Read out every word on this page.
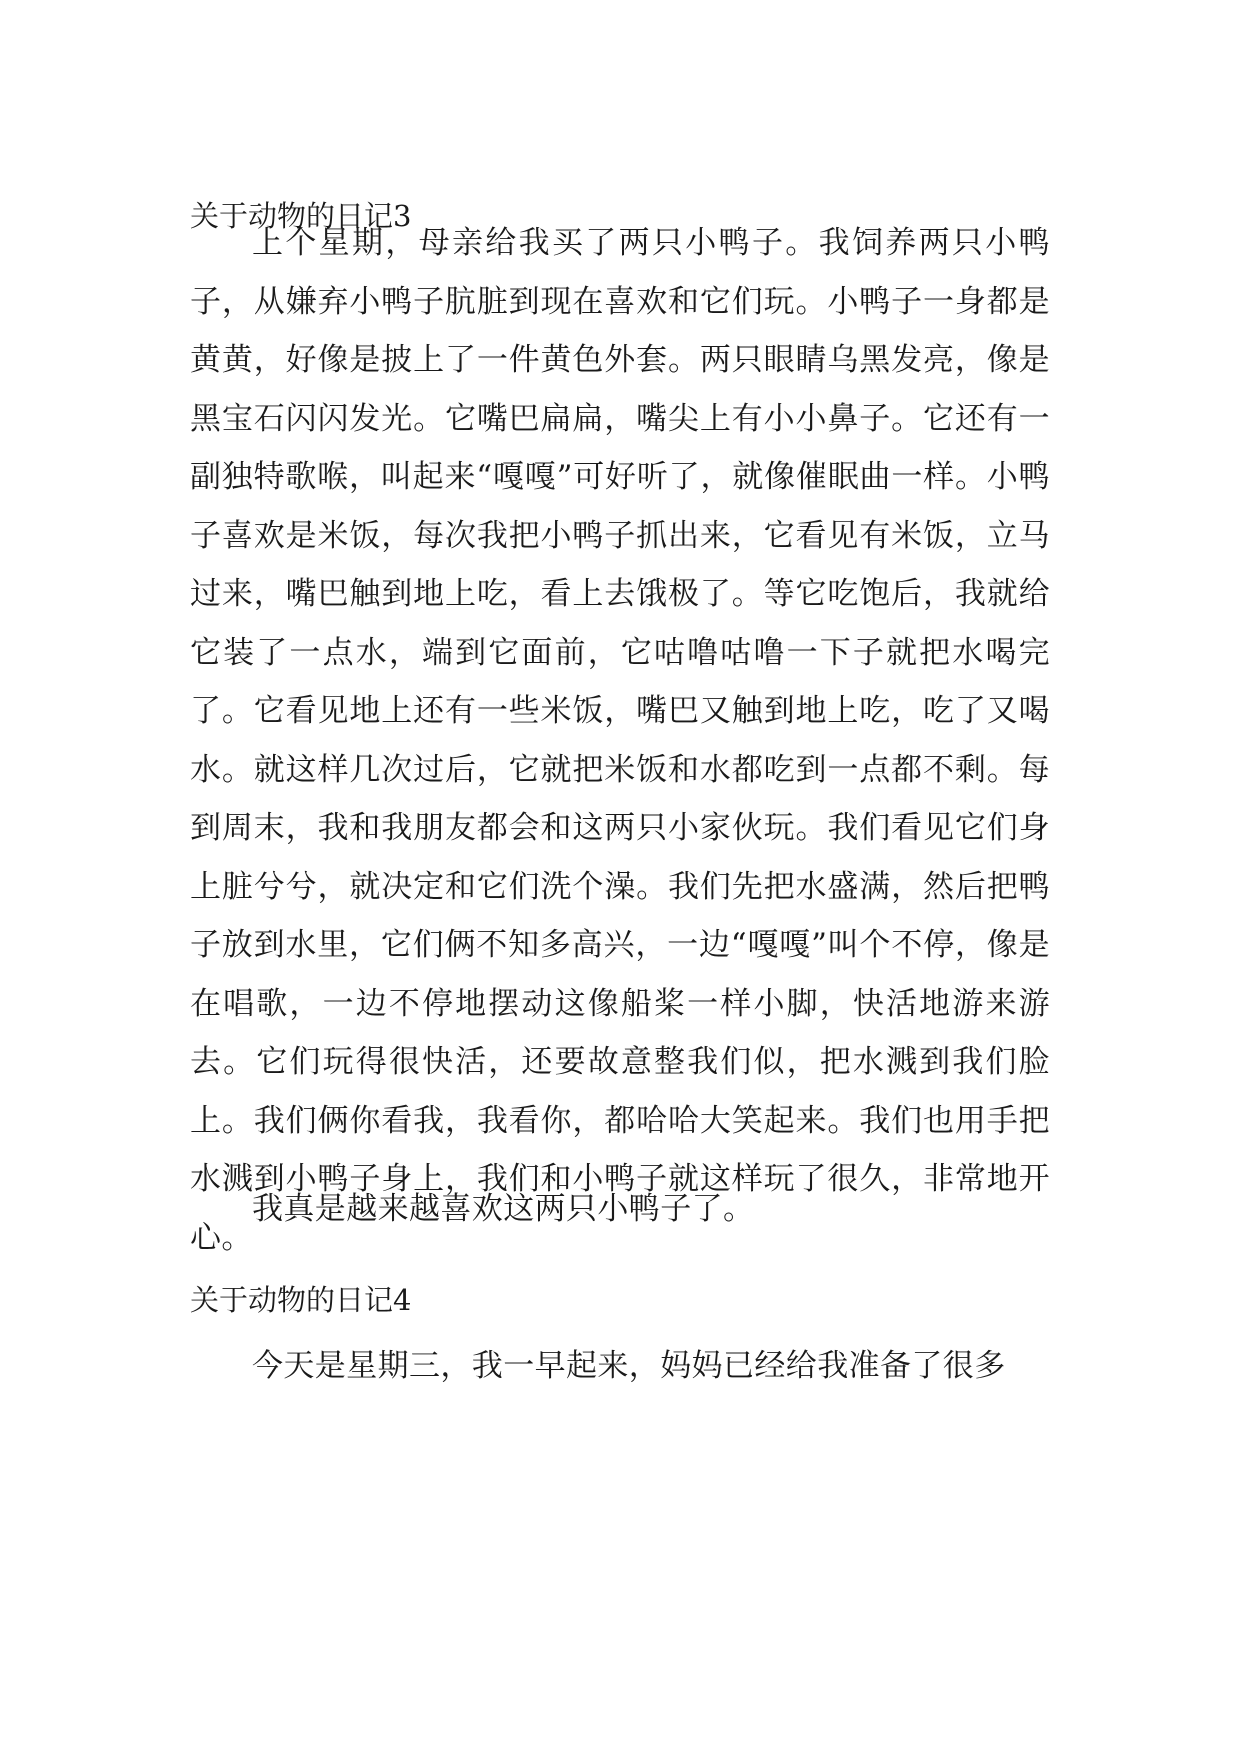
关于动物的日记3

上个星期，母亲给我买了两只小鸭子。我饲养两只小鸭子，从嫌弃小鸭子肮脏到现在喜欢和它们玩。小鸭子一身都是黄黄，好像是披上了一件黄色外套。两只眼睛乌黑发亮，像是黑宝石闪闪发光。它嘴巴扁扁，嘴尖上有小小鼻子。它还有一副独特歌喉，叫起来“嘎嘎”可好听了，就像催眠曲一样。小鸭子喜欢是米饭，每次我把小鸭子抓出来，它看见有米饭，立马过来，嘴巴触到地上吃，看上去饿极了。等它吃饱后，我就给它装了一点水，端到它面前，它咕噜咕噜一下子就把水喝完了。它看见地上还有一些米饭，嘴巴又触到地上吃，吃了又喝水。就这样几次过后，它就把米饭和水都吃到一点都不剩。每到周末，我和我朋友都会和这两只小家伙玩。我们看见它们身上脏兮兮，就决定和它们洗个澡。我们先把水盛满，然后把鸭子放到水里，它们俩不知多高兴，一边“嘎嘎”叫个不停，像是在唱歌，一边不停地摆动这像船桨一样小脚，快活地游来游去。它们玩得很快活，还要故意整我们似，把水溅到我们脸上。我们俩你看我，我看你，都哈哈大笑起来。我们也用手把水溅到小鸭子身上，我们和小鸭子就这样玩了很久，非常地开心。

我真是越来越喜欢这两只小鸭子了。

关于动物的日记4

今天是星期三，我一早起来，妈妈已经给我准备了很多
